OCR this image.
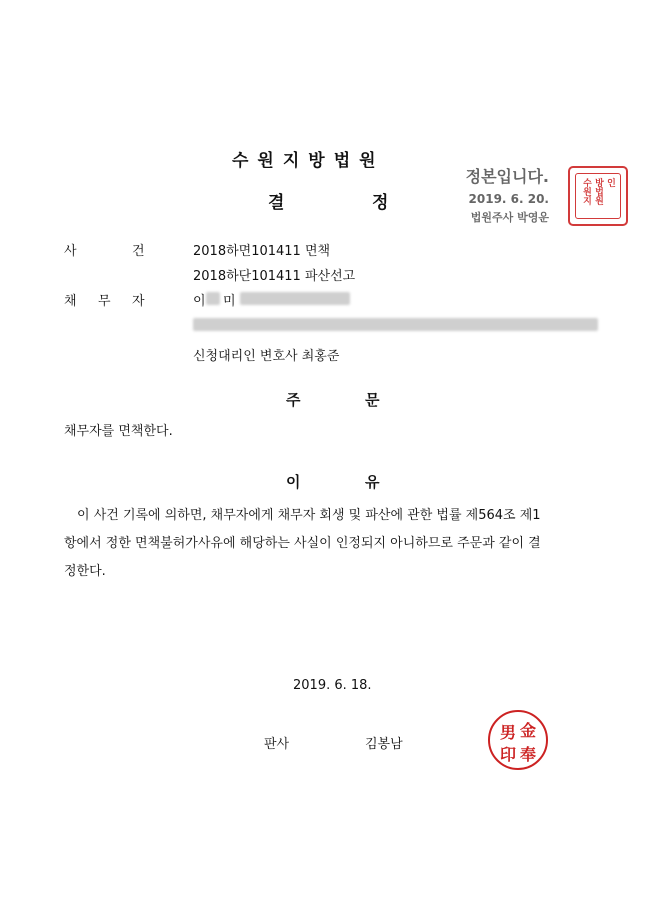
수원지방법원
결	정
정본입니다.
2019. 6. 20.
법원주사 박영운
수원지 방법원 인
사	건	2018하면101411 면책
2018하단101411 파산선고
채 무 자	이 미
신청대리인 변호사 최홍준
주	문
채무자를 면책한다.
이	유
이 사건 기록에 의하면, 채무자에게 채무자 회생 및 파산에 관한 법률 제564조 제1
항에서 정한 면책불허가사유에 해당하는 사실이 인정되지 아니하므로 주문과 같이 결
정한다.
2019. 6. 18.
판사	김봉남
金
奉
男
印
